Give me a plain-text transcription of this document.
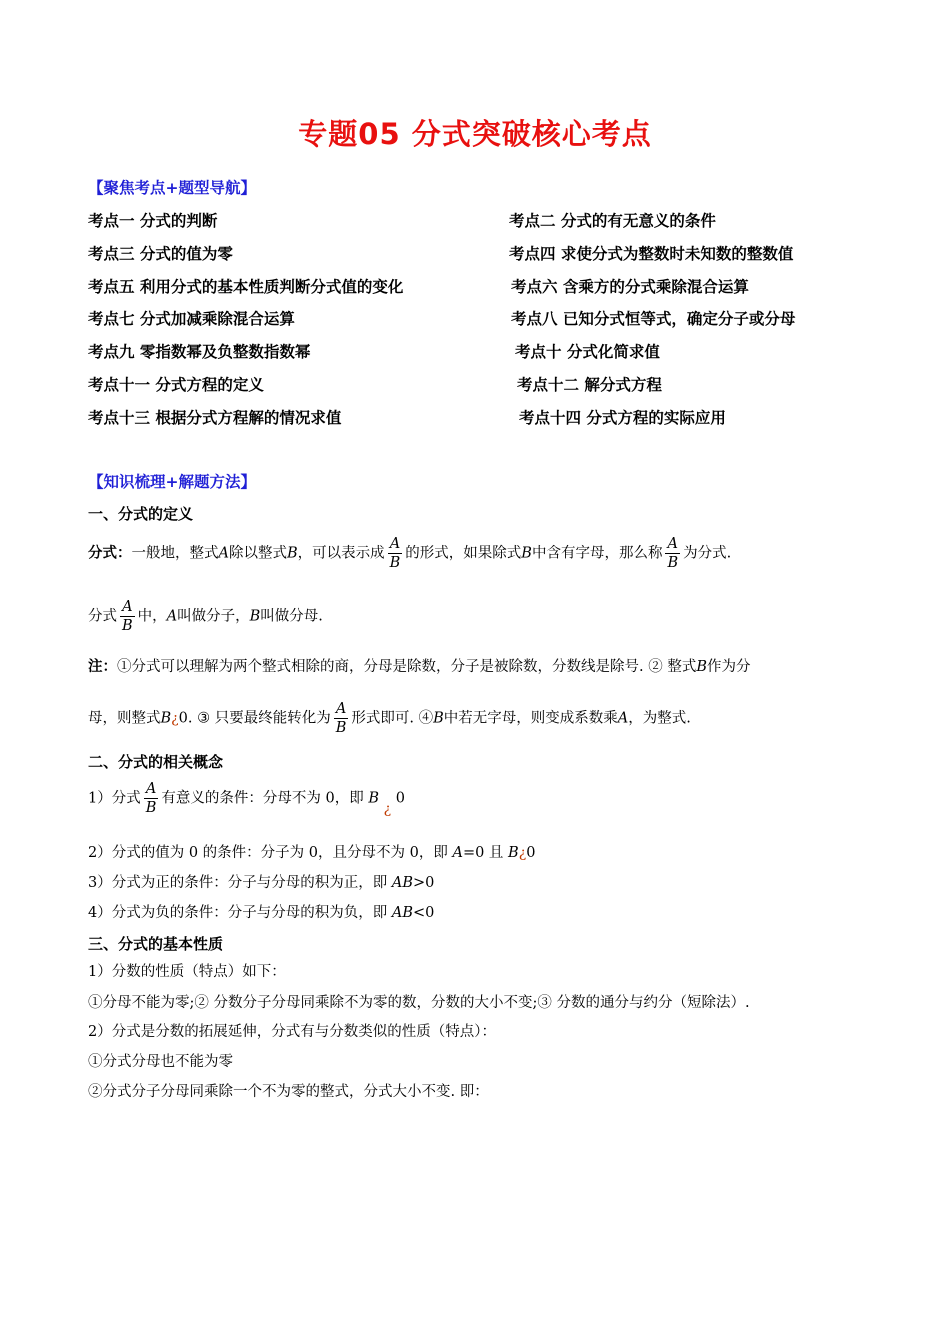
专题05 分式突破核心考点
【聚焦考点+题型导航】
考点一 分式的判断	考点二 分式的有无意义的条件
考点三 分式的值为零	考点四 求使分式为整数时未知数的整数值
考点五 利用分式的基本性质判断分式值的变化	考点六 含乘方的分式乘除混合运算
考点七 分式加减乘除混合运算	考点八 已知分式恒等式，确定分子或分母
考点九 零指数幂及负整数指数幂	考点十 分式化简求值
考点十一 分式方程的定义	考点十二 解分式方程
考点十三 根据分式方程解的情况求值	考点十四 分式方程的实际应用
【知识梳理+解题方法】
一、分式的定义
分式：一般地，整式A除以整式B，可以表示成 $\frac{A}{B}$ 的形式，如果除式B中含有字母，那么称 $\frac{A}{B}$ 为分式.
分式 $\frac{A}{B}$ 中，A叫做分子，B叫做分母.
注：①分式可以理解为两个整式相除的商，分母是除数，分子是被除数，分数线是除号. ② 整式B作为分
母，则整式B¿0. ③ 只要最终能转化为 $\frac{A}{B}$ 形式即可. ④B中若无字母，则变成系数乘A，为整式.
二、分式的相关概念
1）分式 $\frac{A}{B}$ 有意义的条件：分母不为 0，即 B ¿ 0
2）分式的值为 0 的条件：分子为 0，且分母不为 0，即 A=0 且 B¿0
3）分式为正的条件：分子与分母的积为正，即 AB>0
4）分式为负的条件：分子与分母的积为负，即 AB<0
三、分式的基本性质
1）分数的性质（特点）如下：
①分母不能为零;② 分数分子分母同乘除不为零的数，分数的大小不变;③ 分数的通分与约分（短除法）.
2）分式是分数的拓展延伸，分式有与分数类似的性质（特点）：
①分式分母也不能为零
②分式分子分母同乘除一个不为零的整式，分式大小不变. 即：
